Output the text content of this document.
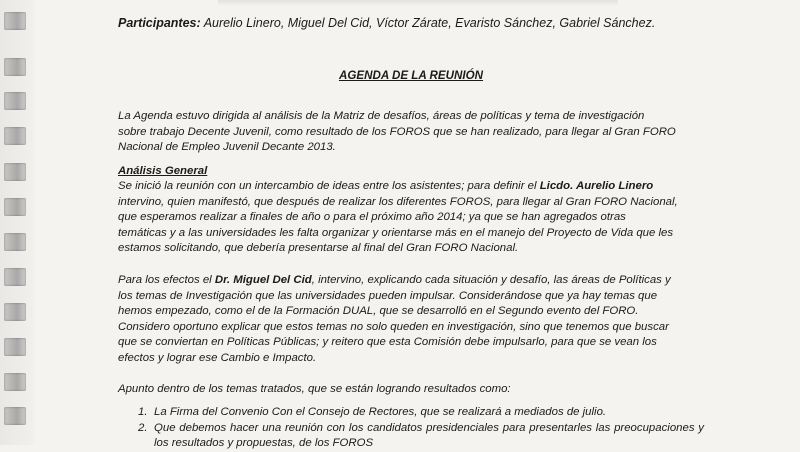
Participantes: Aurelio Linero, Miguel Del Cid, Víctor Zárate, Evaristo Sánchez, Gabriel Sánchez.
AGENDA DE LA REUNIÓN
La Agenda estuvo dirigida al análisis de la Matriz de desafíos, áreas de políticas y tema de investigación
sobre trabajo Decente Juvenil, como resultado de los FOROS que se han realizado, para llegar al Gran FORO
Nacional de Empleo Juvenil Decante 2013.
Análisis General
Se inició la reunión con un intercambio de ideas entre los asistentes; para definir el Licdo. Aurelio Linero
intervino, quien manifestó, que después de realizar los diferentes FOROS, para llegar al Gran FORO Nacional,
que esperamos realizar a finales de año o para el próximo año 2014; ya que se han agregados otras
temáticas y a las universidades les falta organizar y orientarse más en el manejo del Proyecto de Vida que les
estamos solicitando, que debería presentarse al final del Gran FORO Nacional.
Para los efectos el Dr. Miguel Del Cid, intervino, explicando cada situación y desafío, las áreas de Políticas y
los temas de Investigación que las universidades pueden impulsar. Considerándose que ya hay temas que
hemos empezado, como el de la Formación DUAL, que se desarrolló en el Segundo evento del FORO.
Considero oportuno explicar que estos temas no solo queden en investigación, sino que tenemos que buscar
que se conviertan en Políticas Públicas; y reitero que esta Comisión debe impulsarlo, para que se vean los
efectos y lograr ese Cambio e Impacto.
Apunto dentro de los temas tratados, que se están logrando resultados como:
1. La Firma del Convenio Con el Consejo de Rectores, que se realizará a mediados de julio.
2. Que debemos hacer una reunión con los candidatos presidenciales para presentarles las preocupaciones y los resultados y propuestas, de los FOROS
